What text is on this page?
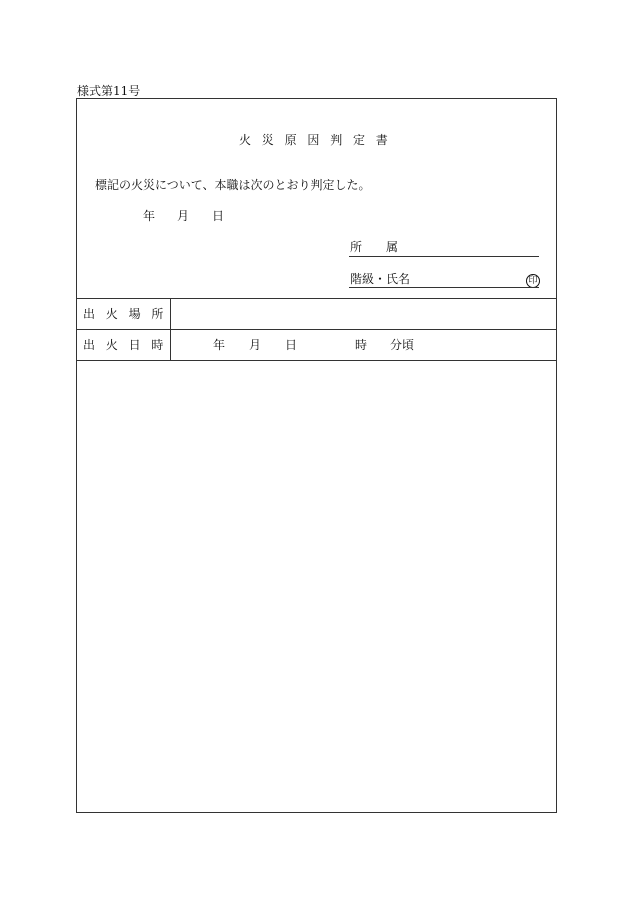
様式第11号
火災原因判定書
標記の火災について、本職は次のとおり判定した。
年 月 日
所　　属
階級・氏名	印
出火場所
出火日時	年 月 日	時 分頃
